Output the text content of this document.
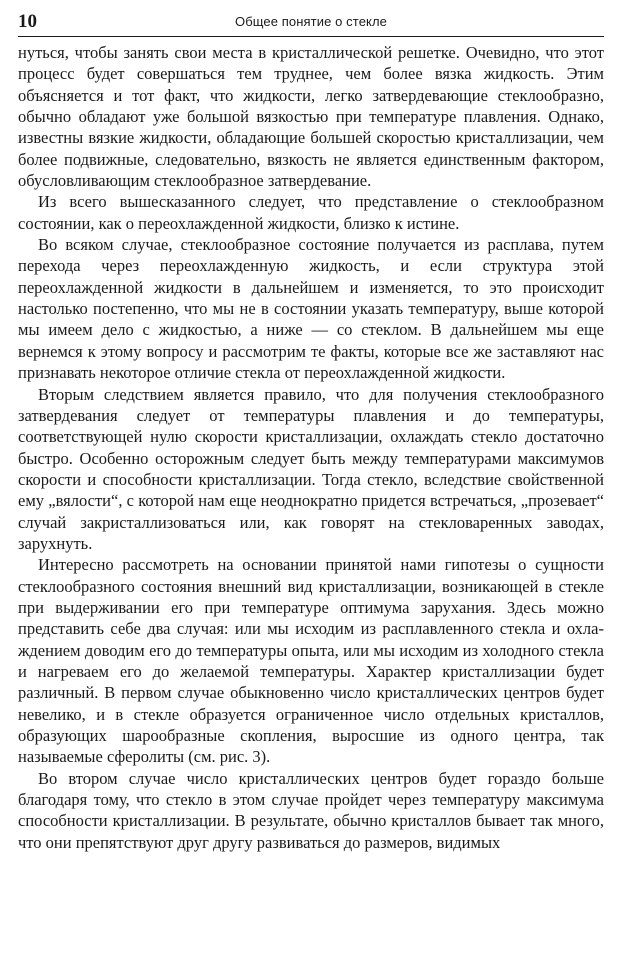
10	Общее понятие о стекле

нуться, чтобы занять свои места в кристаллической решетке. Очевидно, что этот процесс будет совершаться тем труднее, чем более вязка жидкость. Этим объясняется и тот факт, что жидкости, легко затвердевающие стеклообразно, обычно обладают уже большой вязкостью при температуре плавления. Однако, известны вязкие жидкости, обладающие большей скоростью кристаллизации, чем более подвижные, следовательно, вязкость не является единственным фактором, обусловливающим стеклообразное затвердевание.

Из всего вышесказанного следует, что представление о стеклообразном состоянии, как о переохлажденной жидкости, близко к истине.

Во всяком случае, стеклообразное состояние получается из расплава, путем перехода через переохлажденную жидкость, и если структура этой переохлажденной жидкости в дальнейшем и изменяется, то это происходит настолько постепенно, что мы не в состоянии указать температуру, выше которой мы имеем дело с жидкостью, а ниже — со стеклом. В дальнейшем мы еще вернемся к этому вопросу и рассмотрим те факты, которые все же заставляют нас признавать некоторое отличие стекла от переохлажденной жидкости.

Вторым следствием является правило, что для получения стеклообразного затвердевания следует от температуры плавления и до температуры, соответствующей нулю скорости кристаллизации, охлаждать стекло достаточно быстро. Особенно осторожным следует быть между температурами максимумов скорости и способности кристаллизации. Тогда стекло, вследствие свойственной ему „вялости“, с которой нам еще неоднократно придется встречаться, „прозевает“ случай закристаллизоваться или, как говорят на стекловаренных заводах, зарухнуть.

Интересно рассмотреть на основании принятой нами гипотезы о сущности стеклообразного состояния внешний вид кристаллизации, возникающей в стекле при выдерживании его при температуре оптимума зарухания. Здесь можно представить себе два случая: или мы исходим из расплавленного стекла и охлаждением доводим его до температуры опыта, или мы исходим из холодного стекла и нагреваем его до желаемой температуры. Характер кристаллизации будет различный. В первом случае обыкновенно число кристаллических центров будет невелико, и в стекле образуется ограниченное число отдельных кристаллов, образующих шарообразные скопления, выросшие из одного центра, так называемые сферолиты (см. рис. 3).

Во втором случае число кристаллических центров будет гораздо больше благодаря тому, что стекло в этом случае пройдет через температуру максимума способности кристаллизации. В результате, обычно кристаллов бывает так много, что они препятствуют друг другу развиваться до размеров, видимых
